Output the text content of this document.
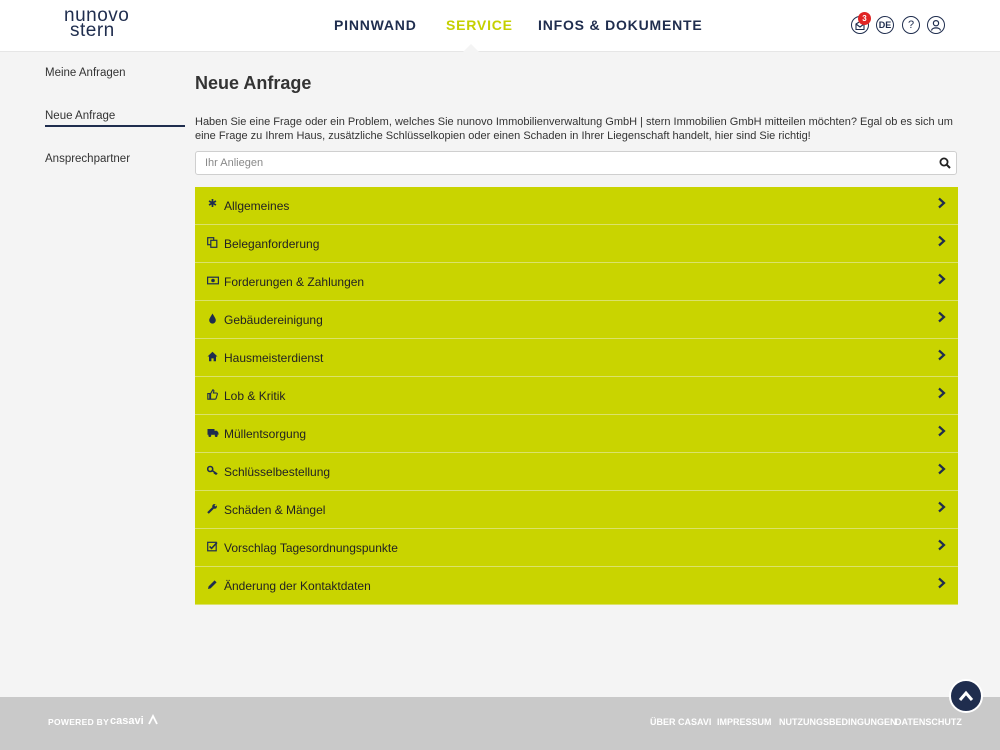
nunovo
stern	PINNWAND SERVICE INFOS & DOKUMENTE	3
DE	?
Meine Anfragen
Neue Anfrage
Ansprechpartner
Neue Anfrage
Haben Sie eine Frage oder ein Problem, welches Sie nunovo Immobilienverwaltung GmbH | stern Immobilien GmbH mitteilen möchten? Egal ob es sich um eine Frage zu Ihrem Haus, zusätzliche Schlüsselkopien oder einen Schaden in Ihrer Liegenschaft handelt, hier sind Sie richtig!
Ihr Anliegen
✱ Allgemeines
Beleganforderung
Forderungen & Zahlungen
Gebäudereinigung
Hausmeisterdienst
Lob & Kritik
Müllentsorgung
Schlüsselbestellung
Schäden & Mängel
Vorschlag Tagesordnungspunkte
Änderung der Kontaktdaten
POWERED BY casavi	ÜBER CASAVI IMPRESSUM NUTZUNGSBEDINGUNGEN
DATENSCHUTZ
